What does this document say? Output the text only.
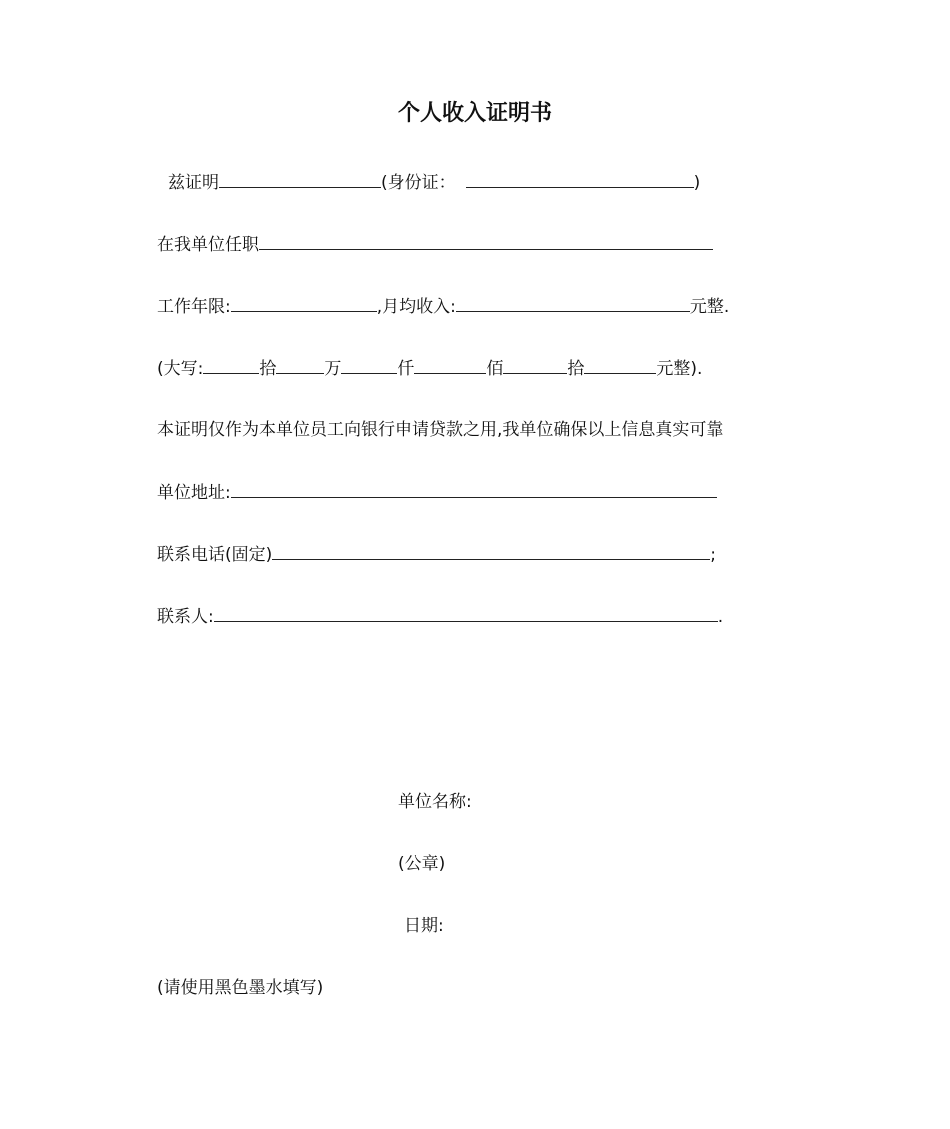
个人收入证明书
兹证明	(身份证：	)
在我单位任职
工作年限:	,月均收入:	元整.
(大写:	拾	万	仟	佰	拾	元整).
本证明仅作为本单位员工向银行申请贷款之用,我单位确保以上信息真实可靠
单位地址:
联系电话(固定)	;
联系人:	.
单位名称:
(公章)
日期:
(请使用黑色墨水填写)
